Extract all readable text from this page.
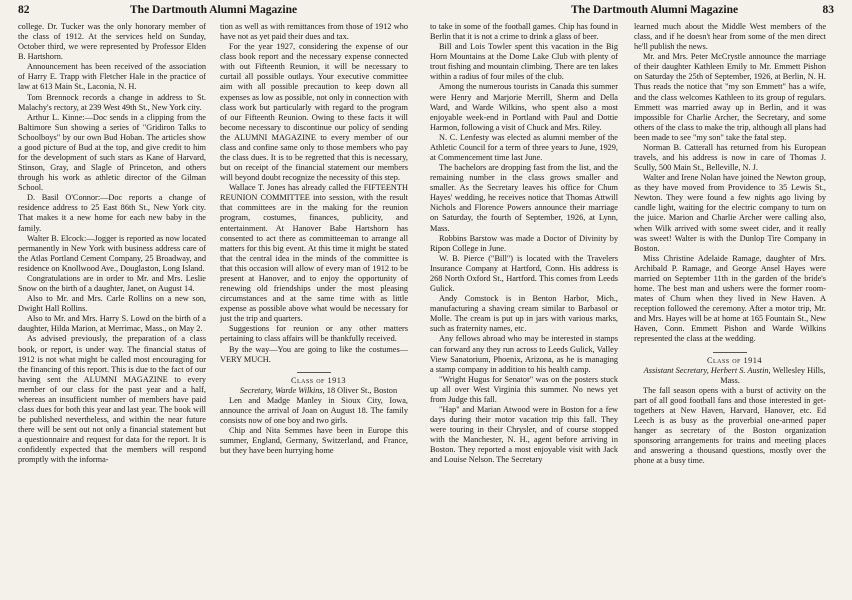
82	The Dartmouth Alumni Magazine

college. Dr. Tucker was the only honorary member of the class of 1912. At the services held on Sunday, October third, we were represented by Professor Elden B. Hartshorn.

Announcement has been received of the association of Harry E. Trapp with Fletcher Hale in the practice of law at 613 Main St., Laconia, N. H.

Tom Brennock records a change in address to St. Malachy's rectory, at 239 West 49th St., New York city.

Arthur L. Kinne:—Doc sends in a clipping from the Baltimore Sun showing a series of "Gridiron Talks to Schoolboys" by our own Bud Hoban. The articles show a good picture of Bud at the top, and give credit to him for the development of such stars as Kane of Harvard, Stinson, Gray, and Slagle of Princeton, and others through his work as athletic director of the Gilman School.

D. Basil O'Connor:—Doc reports a change of residence address to 25 East 86th St., New York city. That makes it a new home for each new baby in the family.

Walter B. Elcock:—Jogger is reported as now located permanently in New York with business address care of the Atlas Portland Cement Company, 25 Broadway, and residence on Knollwood Ave., Douglaston, Long Island.

Congratulations are in order to Mr. and Mrs. Leslie Snow on the birth of a daughter, Janet, on August 14.

Also to Mr. and Mrs. Carle Rollins on a new son, Dwight Hall Rollins.

Also to Mr. and Mrs. Harry S. Lowd on the birth of a daughter, Hilda Marion, at Merrimac, Mass., on May 2.

As advised previously, the preparation of a class book, or report, is under way. The financial status of 1912 is not what might be called most encouraging for the financing of this report. This is due to the fact of our having sent the ALUMNI MAGAZINE to every member of our class for the past year and a half, whereas an insufficient number of members have paid class dues for both this year and last year. The book will be published nevertheless, and within the near future there will be sent out not only a financial statement but a questionnaire and request for data for the report. It is confidently expected that the members will respond promptly with the informa-

tion as well as with remittances from those of 1912 who have not as yet paid their dues and tax.

For the year 1927, considering the expense of our class book report and the necessary expense connected with out Fifteenth Reunion, it will be necessary to curtail all possible outlays. Your executive committee aim with all possible precaution to keep down all expenses as low as possible, not only in connection with class work but particularly with regard to the program of our Fifteenth Reunion. Owing to these facts it will become necessary to discontinue our policy of sending the ALUMNI MAGAZINE to every member of our class and confine same only to those members who pay the class dues. It is to be regretted that this is necessary, but on receipt of the financial statement our members will beyond doubt recognize the necessity of this step.

Wallace T. Jones has already called the FIFTEENTH REUNION COMMITTEE into session, with the result that committees are in the making for the reunion program, costumes, finances, publicity, and entertainment. At Hanover Babe Hartshorn has consented to act there as committeeman to arrange all matters for this big event. At this time it might be stated that the central idea in the minds of the committee is that this occasion will allow of every man of 1912 to be present at Hanover, and to enjoy the opportunity of renewing old friendships under the most pleasing circumstances and at the same time with as little expense as possible above what would be necessary for just the trip and quarters.

Suggestions for reunion or any other matters pertaining to class affairs will be thankfully received.

By the way—You are going to like the costumes—VERY MUCH.

Class of 1913

Secretary, Warde Wilkins, 18 Oliver St., Boston

Len and Madge Manley in Sioux City, Iowa, announce the arrival of Joan on August 18. The family consists now of one boy and two girls.

Chip and Nita Semmes have been in Europe this summer, England, Germany, Switzerland, and France, but they have been hurrying home

The Dartmouth Alumni Magazine	83

to take in some of the football games. Chip has found in Berlin that it is not a crime to drink a glass of beer.

Bill and Lois Towler spent this vacation in the Big Horn Mountains at the Dome Lake Club with plenty of trout fishing and mountain climbing. There are ten lakes within a radius of four miles of the club.

Among the numerous tourists in Canada this summer were Henry and Marjorie Merrill, Sherm and Della Ward, and Warde Wilkins, who spent also a most enjoyable week-end in Portland with Paul and Dottie Harmon, following a visit of Chuck and Mrs. Riley.

N. C. Lenfesty was elected as alumni member of the Athletic Council for a term of three years to June, 1929, at Commencement time last June.

The bachelors are dropping fast from the list, and the remaining number in the class grows smaller and smaller. As the Secretary leaves his office for Chum Hayes' wedding, he receives notice that Thomas Attwill Nichols and Florence Powers announce their marriage on Saturday, the fourth of September, 1926, at Lynn, Mass.

Robbins Barstow was made a Doctor of Divinity by Ripon College in June.

W. B. Pierce ("Bill") is located with the Travelers Insurance Company at Hartford, Conn. His address is 268 North Oxford St., Hartford. This comes from Leeds Gulick.

Andy Comstock is in Benton Harbor, Mich., manufacturing a shaving cream similar to Barbasol or Molle. The cream is put up in jars with various marks, such as fraternity names, etc.

Any fellows abroad who may be interested in stamps can forward any they run across to Leeds Gulick, Valley View Sanatorium, Phoenix, Arizona, as he is managing a stamp company in addition to his health camp.

"Wright Hugus for Senator" was on the posters stuck up all over West Virginia this summer. No news yet from Judge this fall.

"Hap" and Marian Atwood were in Boston for a few days during their motor vacation trip this fall. They were touring in their Chrysler, and of course stopped with the Manchester, N. H., agent before arriving in Boston. They reported a most enjoyable visit with Jack and Louise Nelson. The Secretary

learned much about the Middle West members of the class, and if he doesn't hear from some of the men direct he'll publish the news.

Mr. and Mrs. Peter McCrystle announce the marriage of their daughter Kathleen Emily to Mr. Emmett Pishon on Saturday the 25th of September, 1926, at Berlin, N. H. Thus reads the notice that "my son Emmett" has a wife, and the class welcomes Kathleen to its group of regulars. Emmett was married away up in Berlin, and it was impossible for Charlie Archer, the Secretary, and some others of the class to make the trip, although all plans had been made to see "my son" take the fatal step.

Norman B. Catterall has returned from his European travels, and his address is now in care of Thomas J. Scully, 500 Main St., Belleville, N. J.

Walter and Irene Nolan have joined the Newton group, as they have moved from Providence to 35 Lewis St., Newton. They were found a few nights ago living by candle light, waiting for the electric company to turn on the juice. Marion and Charlie Archer were calling also, when Wilk arrived with some sweet cider, and it really was sweet! Walter is with the Dunlop Tire Company in Boston.

Miss Christine Adelaide Ramage, daughter of Mrs. Archibald P. Ramage, and George Ansel Hayes were married on September 11th in the garden of the bride's home. The best man and ushers were the former room-mates of Chum when they lived in New Haven. A reception followed the ceremony. After a motor trip, Mr. and Mrs. Hayes will be at home at 165 Fountain St., New Haven, Conn. Emmett Pishon and Warde Wilkins represented the class at the wedding.

Class of 1914

Assistant Secretary, Herbert S. Austin, Wellesley Hills, Mass.

The fall season opens with a burst of activity on the part of all good football fans and those interested in get-togethers at New Haven, Harvard, Hanover, etc. Ed Leech is as busy as the proverbial one-armed paper hanger as secretary of the Boston organization sponsoring arrangements for trains and meeting places and answering a thousand questions, mostly over the phone at a busy time.
